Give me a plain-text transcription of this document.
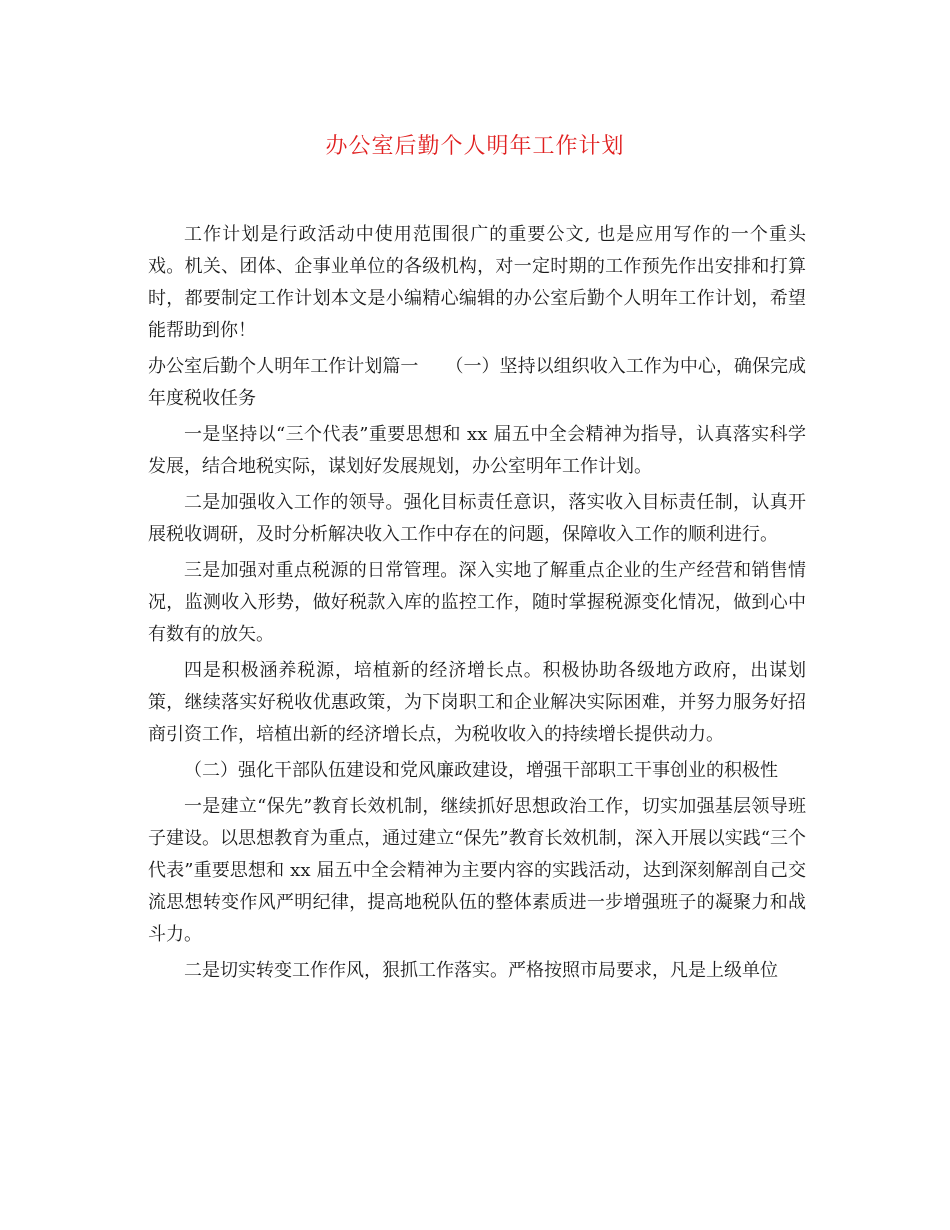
办公室后勤个人明年工作计划

工作计划是行政活动中使用范围很广的重要公文, 也是应用写作的一个重头戏。机关、团体、企事业单位的各级机构，对一定时期的工作预先作出安排和打算时，都要制定工作计划本文是小编精心编辑的办公室后勤个人明年工作计划，希望能帮助到你！

办公室后勤个人明年工作计划篇一　　（一）坚持以组织收入工作为中心，确保完成年度税收任务

一是坚持以“三个代表”重要思想和 xx 届五中全会精神为指导，认真落实科学发展，结合地税实际，谋划好发展规划，办公室明年工作计划。

二是加强收入工作的领导。强化目标责任意识，落实收入目标责任制，认真开展税收调研，及时分析解决收入工作中存在的问题，保障收入工作的顺利进行。

三是加强对重点税源的日常管理。深入实地了解重点企业的生产经营和销售情况，监测收入形势，做好税款入库的监控工作，随时掌握税源变化情况，做到心中有数有的放矢。

四是积极涵养税源，培植新的经济增长点。积极协助各级地方政府，出谋划策，继续落实好税收优惠政策，为下岗职工和企业解决实际困难，并努力服务好招商引资工作，培植出新的经济增长点，为税收收入的持续增长提供动力。

（二）强化干部队伍建设和党风廉政建设，增强干部职工干事创业的积极性

一是建立“保先”教育长效机制，继续抓好思想政治工作，切实加强基层领导班子建设。以思想教育为重点，通过建立“保先”教育长效机制，深入开展以实践“三个代表”重要思想和 xx 届五中全会精神为主要内容的实践活动，达到深刻解剖自己交流思想转变作风严明纪律，提高地税队伍的整体素质进一步增强班子的凝聚力和战斗力。

二是切实转变工作作风，狠抓工作落实。严格按照市局要求，凡是上级单位
